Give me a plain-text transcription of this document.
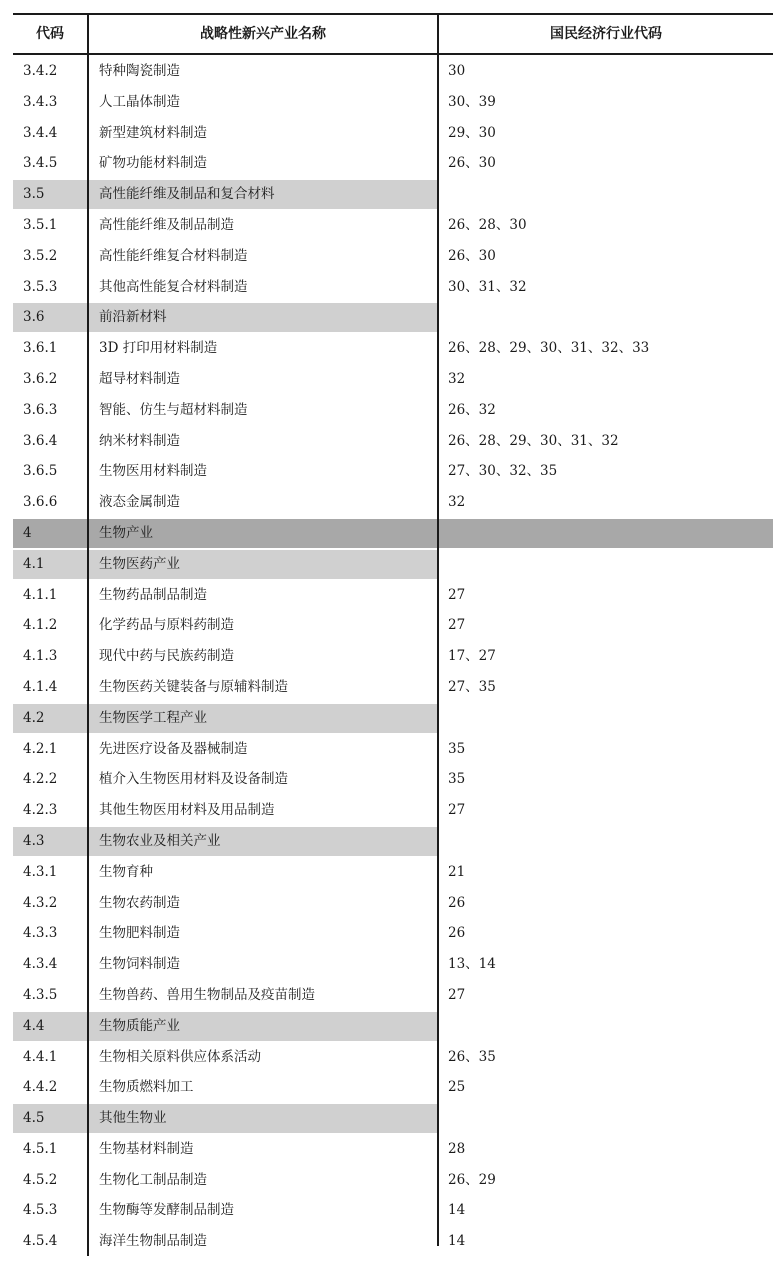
代码	战略性新兴产业名称	国民经济行业代码
3.4.2	特种陶瓷制造	30
3.4.3	人工晶体制造	30、39
3.4.4	新型建筑材料制造	29、30
3.4.5	矿物功能材料制造	26、30
3.5	高性能纤维及制品和复合材料
3.5.1	高性能纤维及制品制造	26、28、30
3.5.2	高性能纤维复合材料制造	26、30
3.5.3	其他高性能复合材料制造	30、31、32
3.6	前沿新材料
3.6.1	3D 打印用材料制造	26、28、29、30、31、32、33
3.6.2	超导材料制造	32
3.6.3	智能、仿生与超材料制造	26、32
3.6.4	纳米材料制造	26、28、29、30、31、32
3.6.5	生物医用材料制造	27、30、32、35
3.6.6	液态金属制造	32
4	生物产业
4.1	生物医药产业
4.1.1	生物药品制品制造	27
4.1.2	化学药品与原料药制造	27
4.1.3	现代中药与民族药制造	17、27
4.1.4	生物医药关键装备与原辅料制造	27、35
4.2	生物医学工程产业
4.2.1	先进医疗设备及器械制造	35
4.2.2	植介入生物医用材料及设备制造	35
4.2.3	其他生物医用材料及用品制造	27
4.3	生物农业及相关产业
4.3.1	生物育种	21
4.3.2	生物农药制造	26
4.3.3	生物肥料制造	26
4.3.4	生物饲料制造	13、14
4.3.5	生物兽药、兽用生物制品及疫苗制造	27
4.4	生物质能产业
4.4.1	生物相关原料供应体系活动	26、35
4.4.2	生物质燃料加工	25
4.5	其他生物业
4.5.1	生物基材料制造	28
4.5.2	生物化工制品制造	26、29
4.5.3	生物酶等发酵制品制造	14
4.5.4	海洋生物制品制造	14
